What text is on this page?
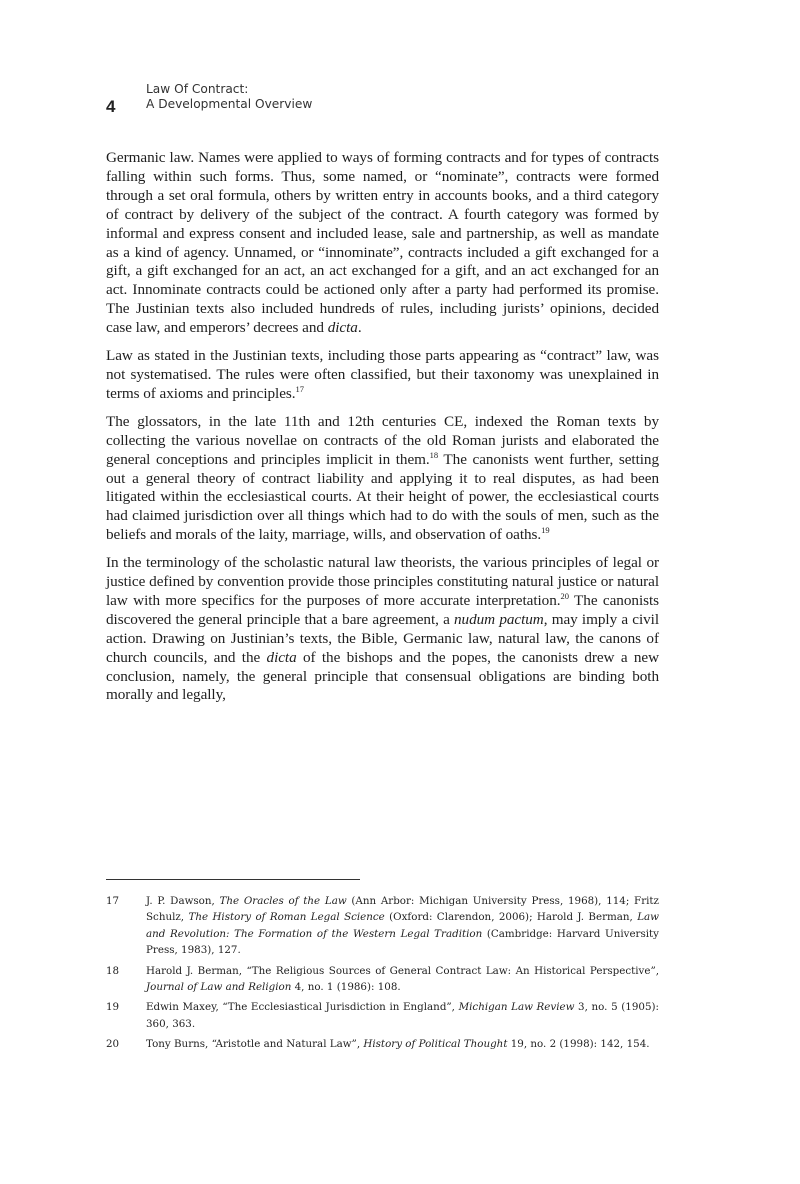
4
Law Of Contract:
A Developmental Overview

Germanic law. Names were applied to ways of forming contracts and for types of contracts falling within such forms. Thus, some named, or “nominate”, contracts were formed through a set oral formula, others by written entry in accounts books, and a third category of contract by delivery of the subject of the contract. A fourth category was formed by informal and express consent and included lease, sale and partnership, as well as mandate as a kind of agency. Unnamed, or “innominate”, contracts included a gift exchanged for a gift, a gift exchanged for an act, an act exchanged for a gift, and an act exchanged for an act. Innominate contracts could be actioned only after a party had performed its promise. The Justinian texts also included hundreds of rules, including jurists’ opinions, decided case law, and emperors’ decrees and dicta.

Law as stated in the Justinian texts, including those parts appearing as “contract” law, was not systematised. The rules were often classified, but their taxonomy was unexplained in terms of axioms and principles.$^{17}$

The glossators, in the late 11th and 12th centuries CE, indexed the Roman texts by collecting the various novellae on contracts of the old Roman jurists and elaborated the general conceptions and principles implicit in them.$^{18}$ The canonists went further, setting out a general theory of contract liability and applying it to real disputes, as had been litigated within the ecclesiastical courts. At their height of power, the ecclesiastical courts had claimed jurisdiction over all things which had to do with the souls of men, such as the beliefs and morals of the laity, marriage, wills, and observation of oaths.$^{19}$

In the terminology of the scholastic natural law theorists, the various principles of legal or justice defined by convention provide those principles constituting natural justice or natural law with more specifics for the purposes of more accurate interpretation.$^{20}$ The canonists discovered the general principle that a bare agreement, a nudum pactum, may imply a civil action. Drawing on Justinian’s texts, the Bible, Germanic law, natural law, the canons of church councils, and the dicta of the bishops and the popes, the canonists drew a new conclusion, namely, the general principle that consensual obligations are binding both morally and legally,

17	J. P. Dawson, The Oracles of the Law (Ann Arbor: Michigan University Press, 1968), 114; Fritz Schulz, The History of Roman Legal Science (Oxford: Clarendon, 2006); Harold J. Berman, Law and Revolution: The Formation of the Western Legal Tradition (Cambridge: Harvard University Press, 1983), 127.
18	Harold J. Berman, “The Religious Sources of General Contract Law: An Historical Perspective”, Journal of Law and Religion 4, no. 1 (1986): 108.
19	Edwin Maxey, “The Ecclesiastical Jurisdiction in England”, Michigan Law Review 3, no. 5 (1905): 360, 363.
20	Tony Burns, “Aristotle and Natural Law”, History of Political Thought 19, no. 2 (1998): 142, 154.
